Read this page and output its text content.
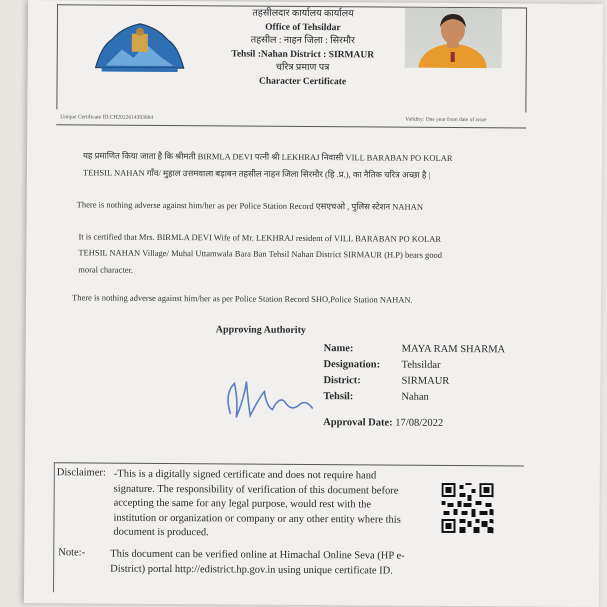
तहसीलदार कार्यालय कार्यालय
Office of Tehsildar
तहसील : नाहन जिला : सिरमौर
Tehsil :Nahan District : SIRMAUR
चरित्र प्रमाण पत्र
Character Certificate
Unique Certificate ID:CH2022614393884	Validity: One year from date of issue
यह प्रमाणित किया जाता है कि श्रीमती BIRMLA DEVI पत्नी श्री LEKHRAJ निवासी VILL BARABAN PO KOLAR
TEHSIL NAHAN गाँव/ मुहाल उत्तमवाला बड़ाबन तहसील नाहन जिला सिरमौर (हि .प्र.), का नैतिक चरित्र अच्छा है |
There is nothing adverse against him/her as per Police Station Record एसएचओ , पुलिस स्टेशन NAHAN
It is certified that Mrs. BIRMLA DEVI Wife of Mr. LEKHRAJ resident of VILL BARABAN PO KOLAR
TEHSIL NAHAN Village/ Muhal Uttamwala Bara Ban Tehsil Nahan District SIRMAUR (H.P) bears good
moral character.
There is nothing adverse against him/her as per Police Station Record SHO,Police Station NAHAN.
Approving Authority
Name:	MAYA RAM SHARMA
Designation: Tehsildar
District:	SIRMAUR
Tehsil:	Nahan
Approval Date: 17/08/2022
Disclaimer: -This is a digitally signed certificate and does not require hand signature. The responsibility of verification of this document before accepting the same for any legal purpose, would rest with the institution or organization or company or any other entity where this document is produced.
Note:- This document can be verified online at Himachal Online Seva (HP e-District) portal http://edistrict.hp.gov.in using unique certificate ID.
